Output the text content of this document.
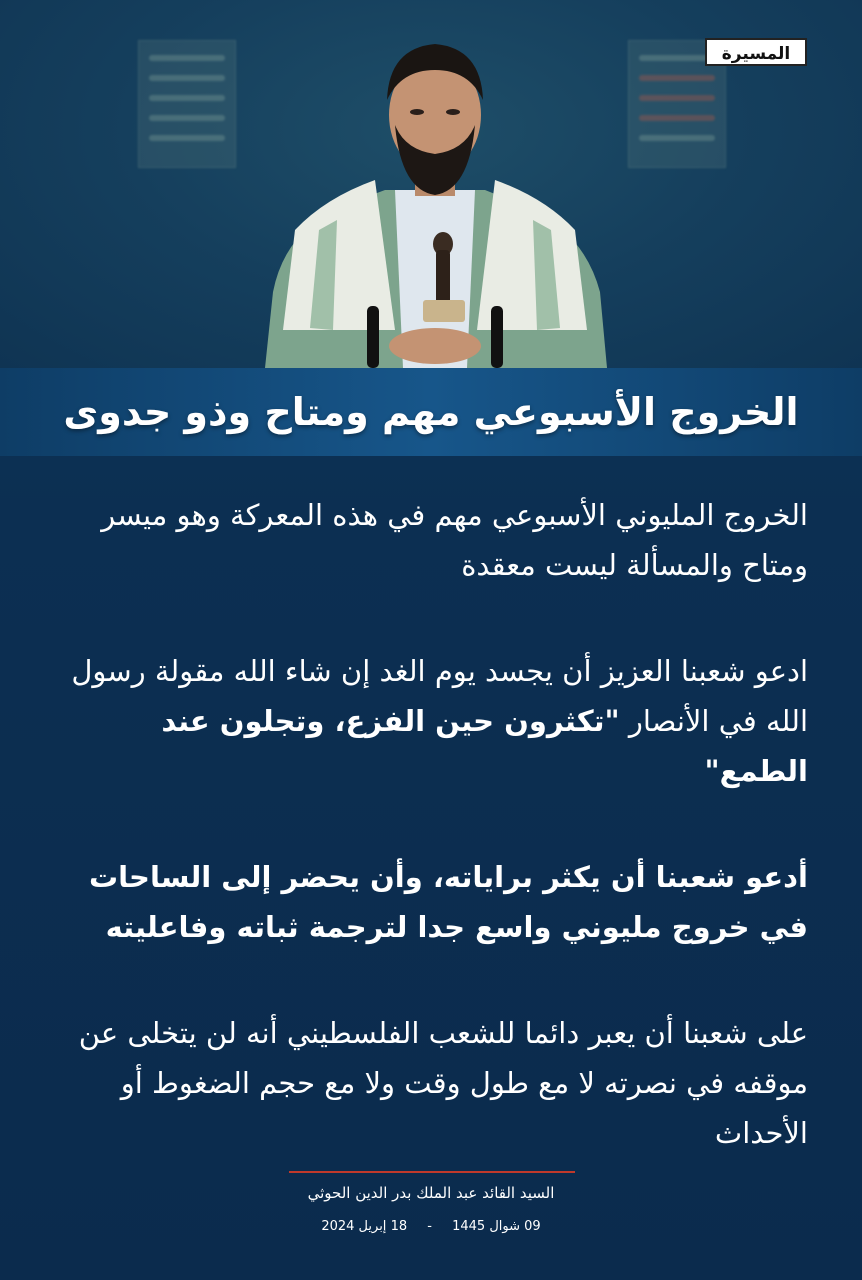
المسيرة
الخروج الأسبوعي مهم ومتاح وذو جدوى

الخروج المليوني الأسبوعي مهم في هذه المعركة وهو ميسر ومتاح والمسألة ليست معقدة

ادعو شعبنا العزيز أن يجسد يوم الغد إن شاء الله مقولة رسول الله في الأنصار "تكثرون حين الفزع، وتجلون عند الطمع"

أدعو شعبنا أن يكثر براياته، وأن يحضر إلى الساحات في خروج مليوني واسع جدا لترجمة ثباته وفاعليته

على شعبنا أن يعبر دائما للشعب الفلسطيني أنه لن يتخلى عن موقفه في نصرته لا مع طول وقت ولا مع حجم الضغوط أو الأحداث

السيد القائد عبد الملك بدر الدين الحوثي
09 شوال 1445 - 18 إبريل 2024
